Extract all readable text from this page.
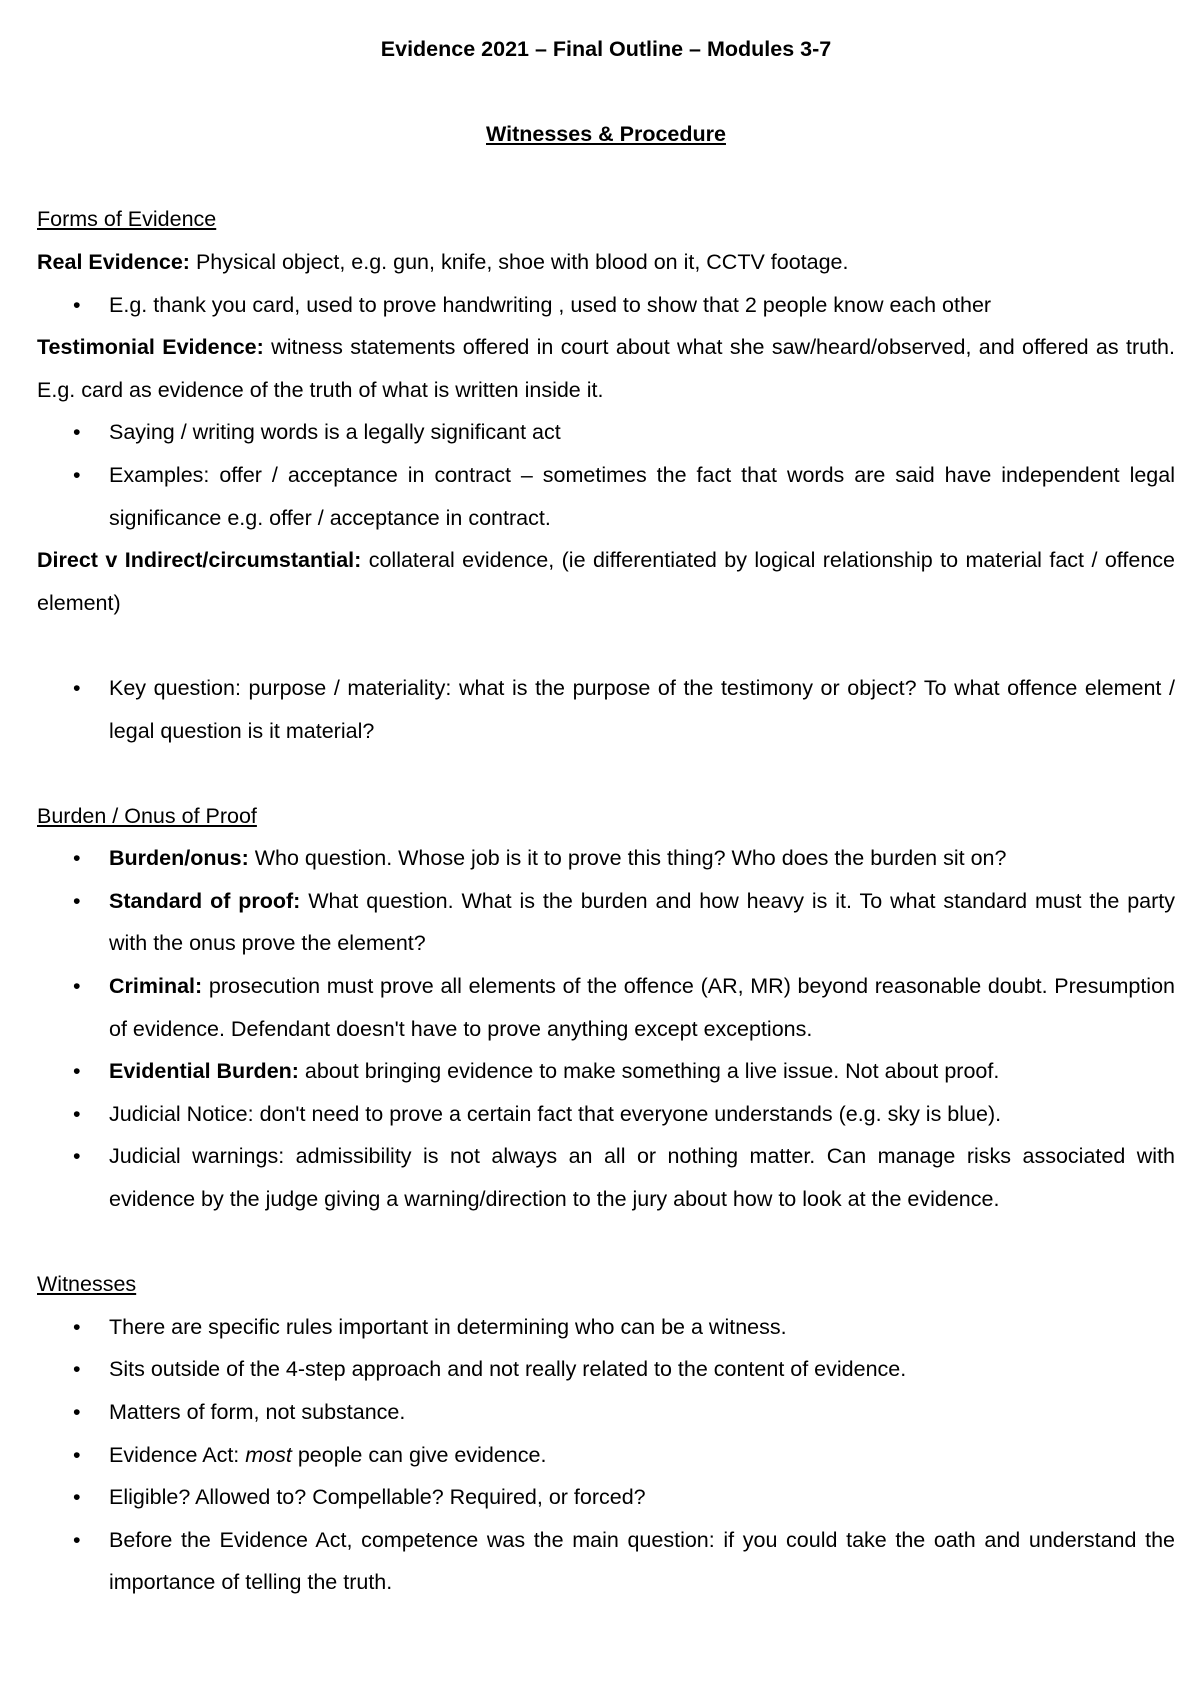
Evidence 2021 – Final Outline – Modules 3-7

Witnesses & Procedure

Forms of Evidence

Real Evidence: Physical object, e.g. gun, knife, shoe with blood on it, CCTV footage.

• E.g. thank you card, used to prove handwriting , used to show that 2 people know each other

Testimonial Evidence: witness statements offered in court about what she saw/heard/observed, and offered as truth. E.g. card as evidence of the truth of what is written inside it.

• Saying / writing words is a legally significant act
• Examples: offer / acceptance in contract – sometimes the fact that words are said have independent legal significance e.g. offer / acceptance in contract.

Direct v Indirect/circumstantial: collateral evidence, (ie differentiated by logical relationship to material fact / offence element)

• Key question: purpose / materiality: what is the purpose of the testimony or object? To what offence element / legal question is it material?

Burden / Onus of Proof

• Burden/onus: Who question. Whose job is it to prove this thing? Who does the burden sit on?
• Standard of proof: What question. What is the burden and how heavy is it. To what standard must the party with the onus prove the element?
• Criminal: prosecution must prove all elements of the offence (AR, MR) beyond reasonable doubt. Presumption of evidence. Defendant doesn't have to prove anything except exceptions.
• Evidential Burden: about bringing evidence to make something a live issue. Not about proof.
• Judicial Notice: don't need to prove a certain fact that everyone understands (e.g. sky is blue).
• Judicial warnings: admissibility is not always an all or nothing matter. Can manage risks associated with evidence by the judge giving a warning/direction to the jury about how to look at the evidence.

Witnesses

• There are specific rules important in determining who can be a witness.
• Sits outside of the 4-step approach and not really related to the content of evidence.
• Matters of form, not substance.
• Evidence Act: most people can give evidence.
• Eligible? Allowed to? Compellable? Required, or forced?
• Before the Evidence Act, competence was the main question: if you could take the oath and understand the importance of telling the truth.
